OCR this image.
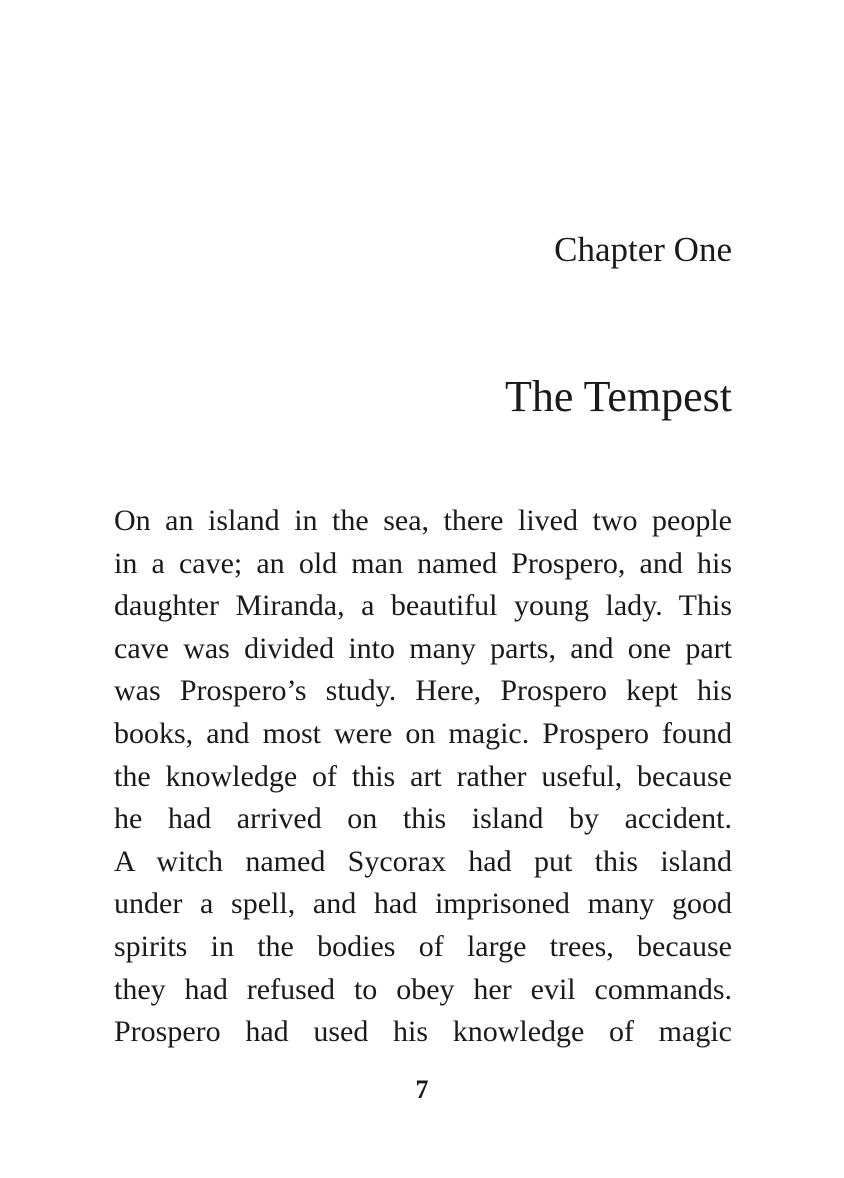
Chapter One
The Tempest
On an island in the sea, there lived two people
in a cave; an old man named Prospero, and his
daughter Miranda, a beautiful young lady. This
cave was divided into many parts, and one part
was Prospero’s study. Here, Prospero kept his
books, and most were on magic. Prospero found
the knowledge of this art rather useful, because
he had arrived on this island by accident.
A witch named Sycorax had put this island
under a spell, and had imprisoned many good
spirits in the bodies of large trees, because
they had refused to obey her evil commands.
Prospero had used his knowledge of magic
7
